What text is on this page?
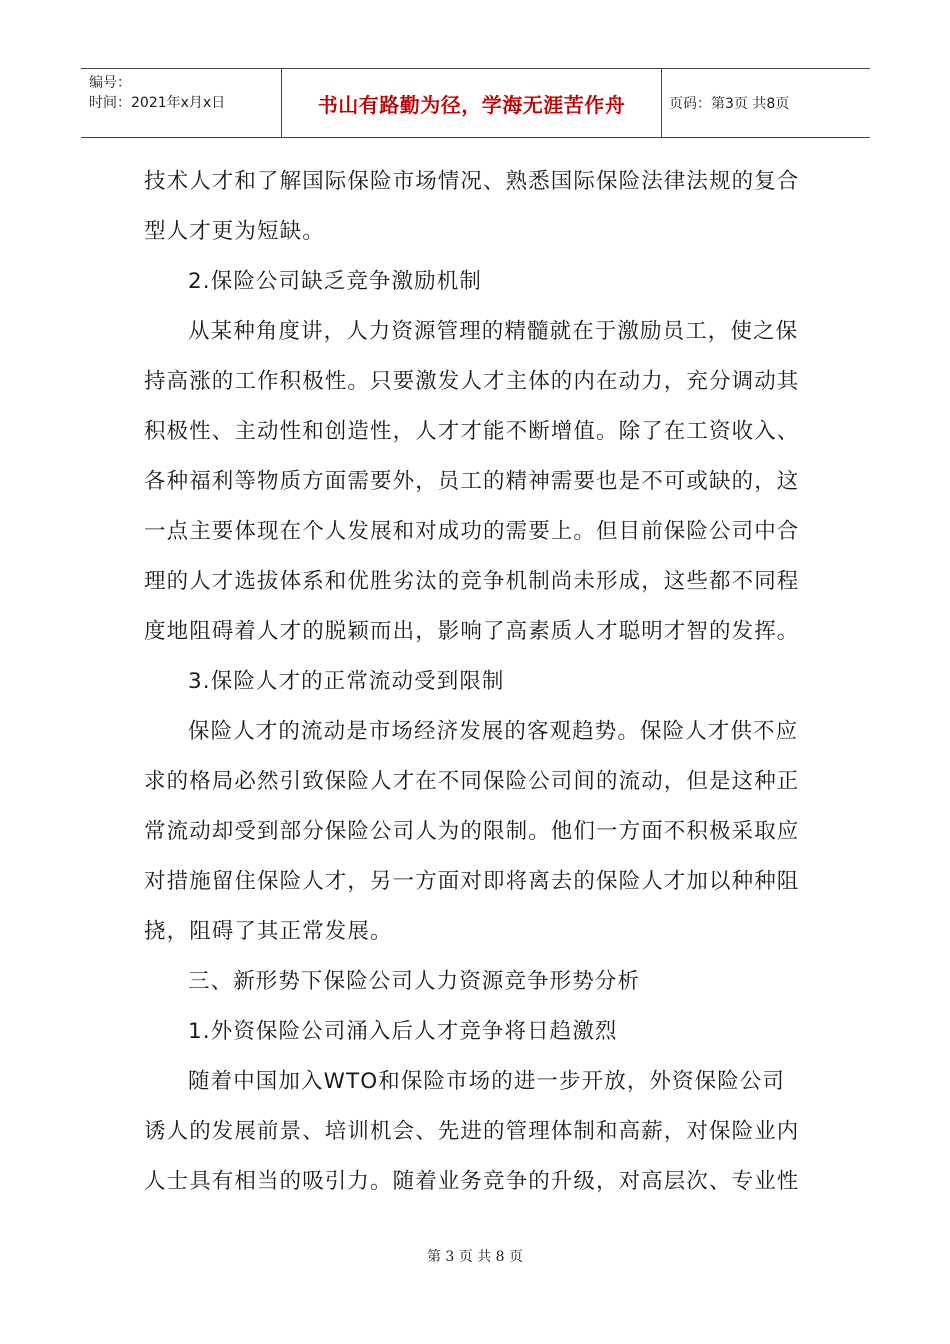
编号：
时间：2021年x月x日	书山有路勤为径，学海无涯苦作舟	页码：第3页 共8页
技术人才和了解国际保险市场情况、熟悉国际保险法律法规的复合
型人才更为短缺。
2.保险公司缺乏竞争激励机制
从某种角度讲，人力资源管理的精髓就在于激励员工，使之保
持高涨的工作积极性。只要激发人才主体的内在动力，充分调动其
积极性、主动性和创造性，人才才能不断增值。除了在工资收入、
各种福利等物质方面需要外，员工的精神需要也是不可或缺的，这
一点主要体现在个人发展和对成功的需要上。但目前保险公司中合
理的人才选拔体系和优胜劣汰的竞争机制尚未形成，这些都不同程
度地阻碍着人才的脱颖而出，影响了高素质人才聪明才智的发挥。
3.保险人才的正常流动受到限制
保险人才的流动是市场经济发展的客观趋势。保险人才供不应
求的格局必然引致保险人才在不同保险公司间的流动，但是这种正
常流动却受到部分保险公司人为的限制。他们一方面不积极采取应
对措施留住保险人才，另一方面对即将离去的保险人才加以种种阻
挠，阻碍了其正常发展。
三、新形势下保险公司人力资源竞争形势分析
1.外资保险公司涌入后人才竞争将日趋激烈
随着中国加入WTO和保险市场的进一步开放，外资保险公司
诱人的发展前景、培训机会、先进的管理体制和高薪，对保险业内
人士具有相当的吸引力。随着业务竞争的升级，对高层次、专业性
第 3 页 共 8 页
